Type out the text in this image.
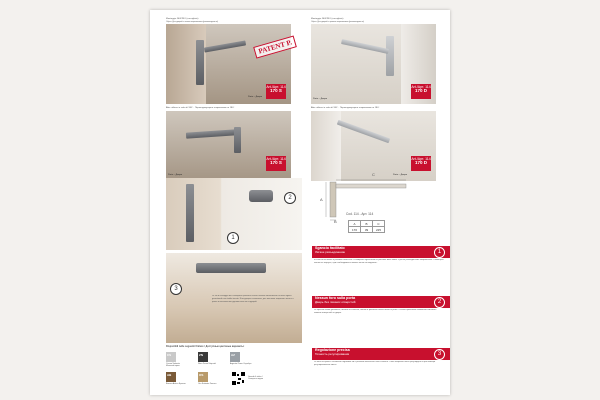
Montaggio DESTRO (consigliato)
Обрат. Для дверей с левым открыванием (рекомендовано)
Art./Арт. 114
170 S
Porta – Двери
Montaggio DESTRO (consigliato)
Обрат. Для дверей с правым открыванием (рекомендовано)
Art./Арт. 114
170 D
Porta – Двери
PATENT P.
Altre utilizzo in sotto di 180° · Перпендикулярно открыванию на 180°
Art./Арт. 114
170 S
Porta – Двери
Altre utilizzo in sotto di 180° · Перпендикулярно открыванию на 180°
Art./Арт. 114
170 D
Porta – Двери
1
2
C
A
B
Cod. 114 - Apт. 114
A	B	C
170	39	225
3
Le viti di fissaggio del chiudiporta possono essere avvitate direttamente al telaio ligneo garantendo una totale tenuta. Инструкция и комплект для монтажа закрепить винты в раме за исключение деревянных конструкций.
Disponibili nelle seguenti finiture / Доступные цветовые варианты:
CS
Cromo Satinato Матовый хром
ZN
Nero Zama Чёрный
AZ
Argento Zama Серебро
AB
Bronzo Antico Бронза
OS
Oro Satinato Золото
Guarda il video / Смотреть видео
Sgancio facilitato
Лёгкое разъединение	1
In caso di necessità è possibile sbloccare il chiudiporta sganciando la porzione della staffa. Ручное разъединение закрывателя с помощью кнопки на корпусе, при необходимости можно легко отсоединить.
Nessun foro sulla porta
Дверь без лишних отверстий	2
La speciale staffa garantisce, durante la chiusura, tenuta di posizione senza forare la porta. Особое крепление позволяет избежать лишних отверстий на двери.
Regolazione precisa
Точность регулирования	3
La forza di spinta è facilmente regolabile ed è possibile intervenire sulla chiusura. Сила закрытия легко регулируется при помощи регулировочного винта.
